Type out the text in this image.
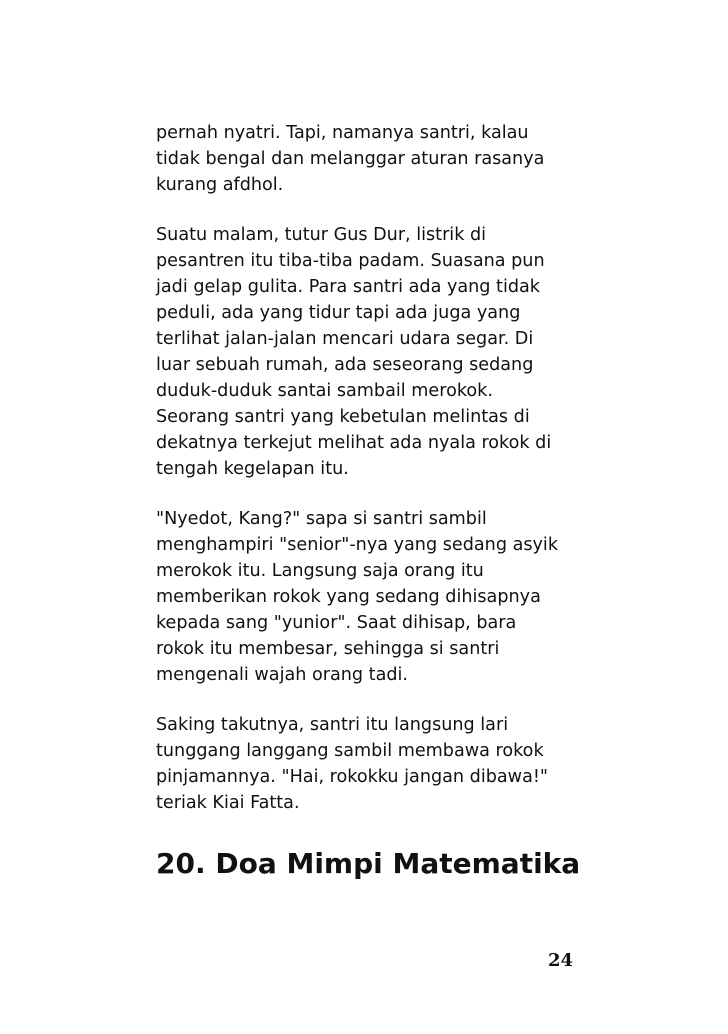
pernah nyatri. Tapi, namanya santri, kalau
tidak bengal dan melanggar aturan rasanya
kurang afdhol.

Suatu malam, tutur Gus Dur, listrik di
pesantren itu tiba-tiba padam. Suasana pun
jadi gelap gulita. Para santri ada yang tidak
peduli, ada yang tidur tapi ada juga yang
terlihat jalan-jalan mencari udara segar. Di
luar sebuah rumah, ada seseorang sedang
duduk-duduk santai sambail merokok.
Seorang santri yang kebetulan melintas di
dekatnya terkejut melihat ada nyala rokok di
tengah kegelapan itu.

"Nyedot, Kang?" sapa si santri sambil
menghampiri "senior"-nya yang sedang asyik
merokok itu. Langsung saja orang itu
memberikan rokok yang sedang dihisapnya
kepada sang "yunior". Saat dihisap, bara
rokok itu membesar, sehingga si santri
mengenali wajah orang tadi.

Saking takutnya, santri itu langsung lari
tunggang langgang sambil membawa rokok
pinjamannya. "Hai, rokokku jangan dibawa!"
teriak Kiai Fatta.

20. Doa Mimpi Matematika
24
